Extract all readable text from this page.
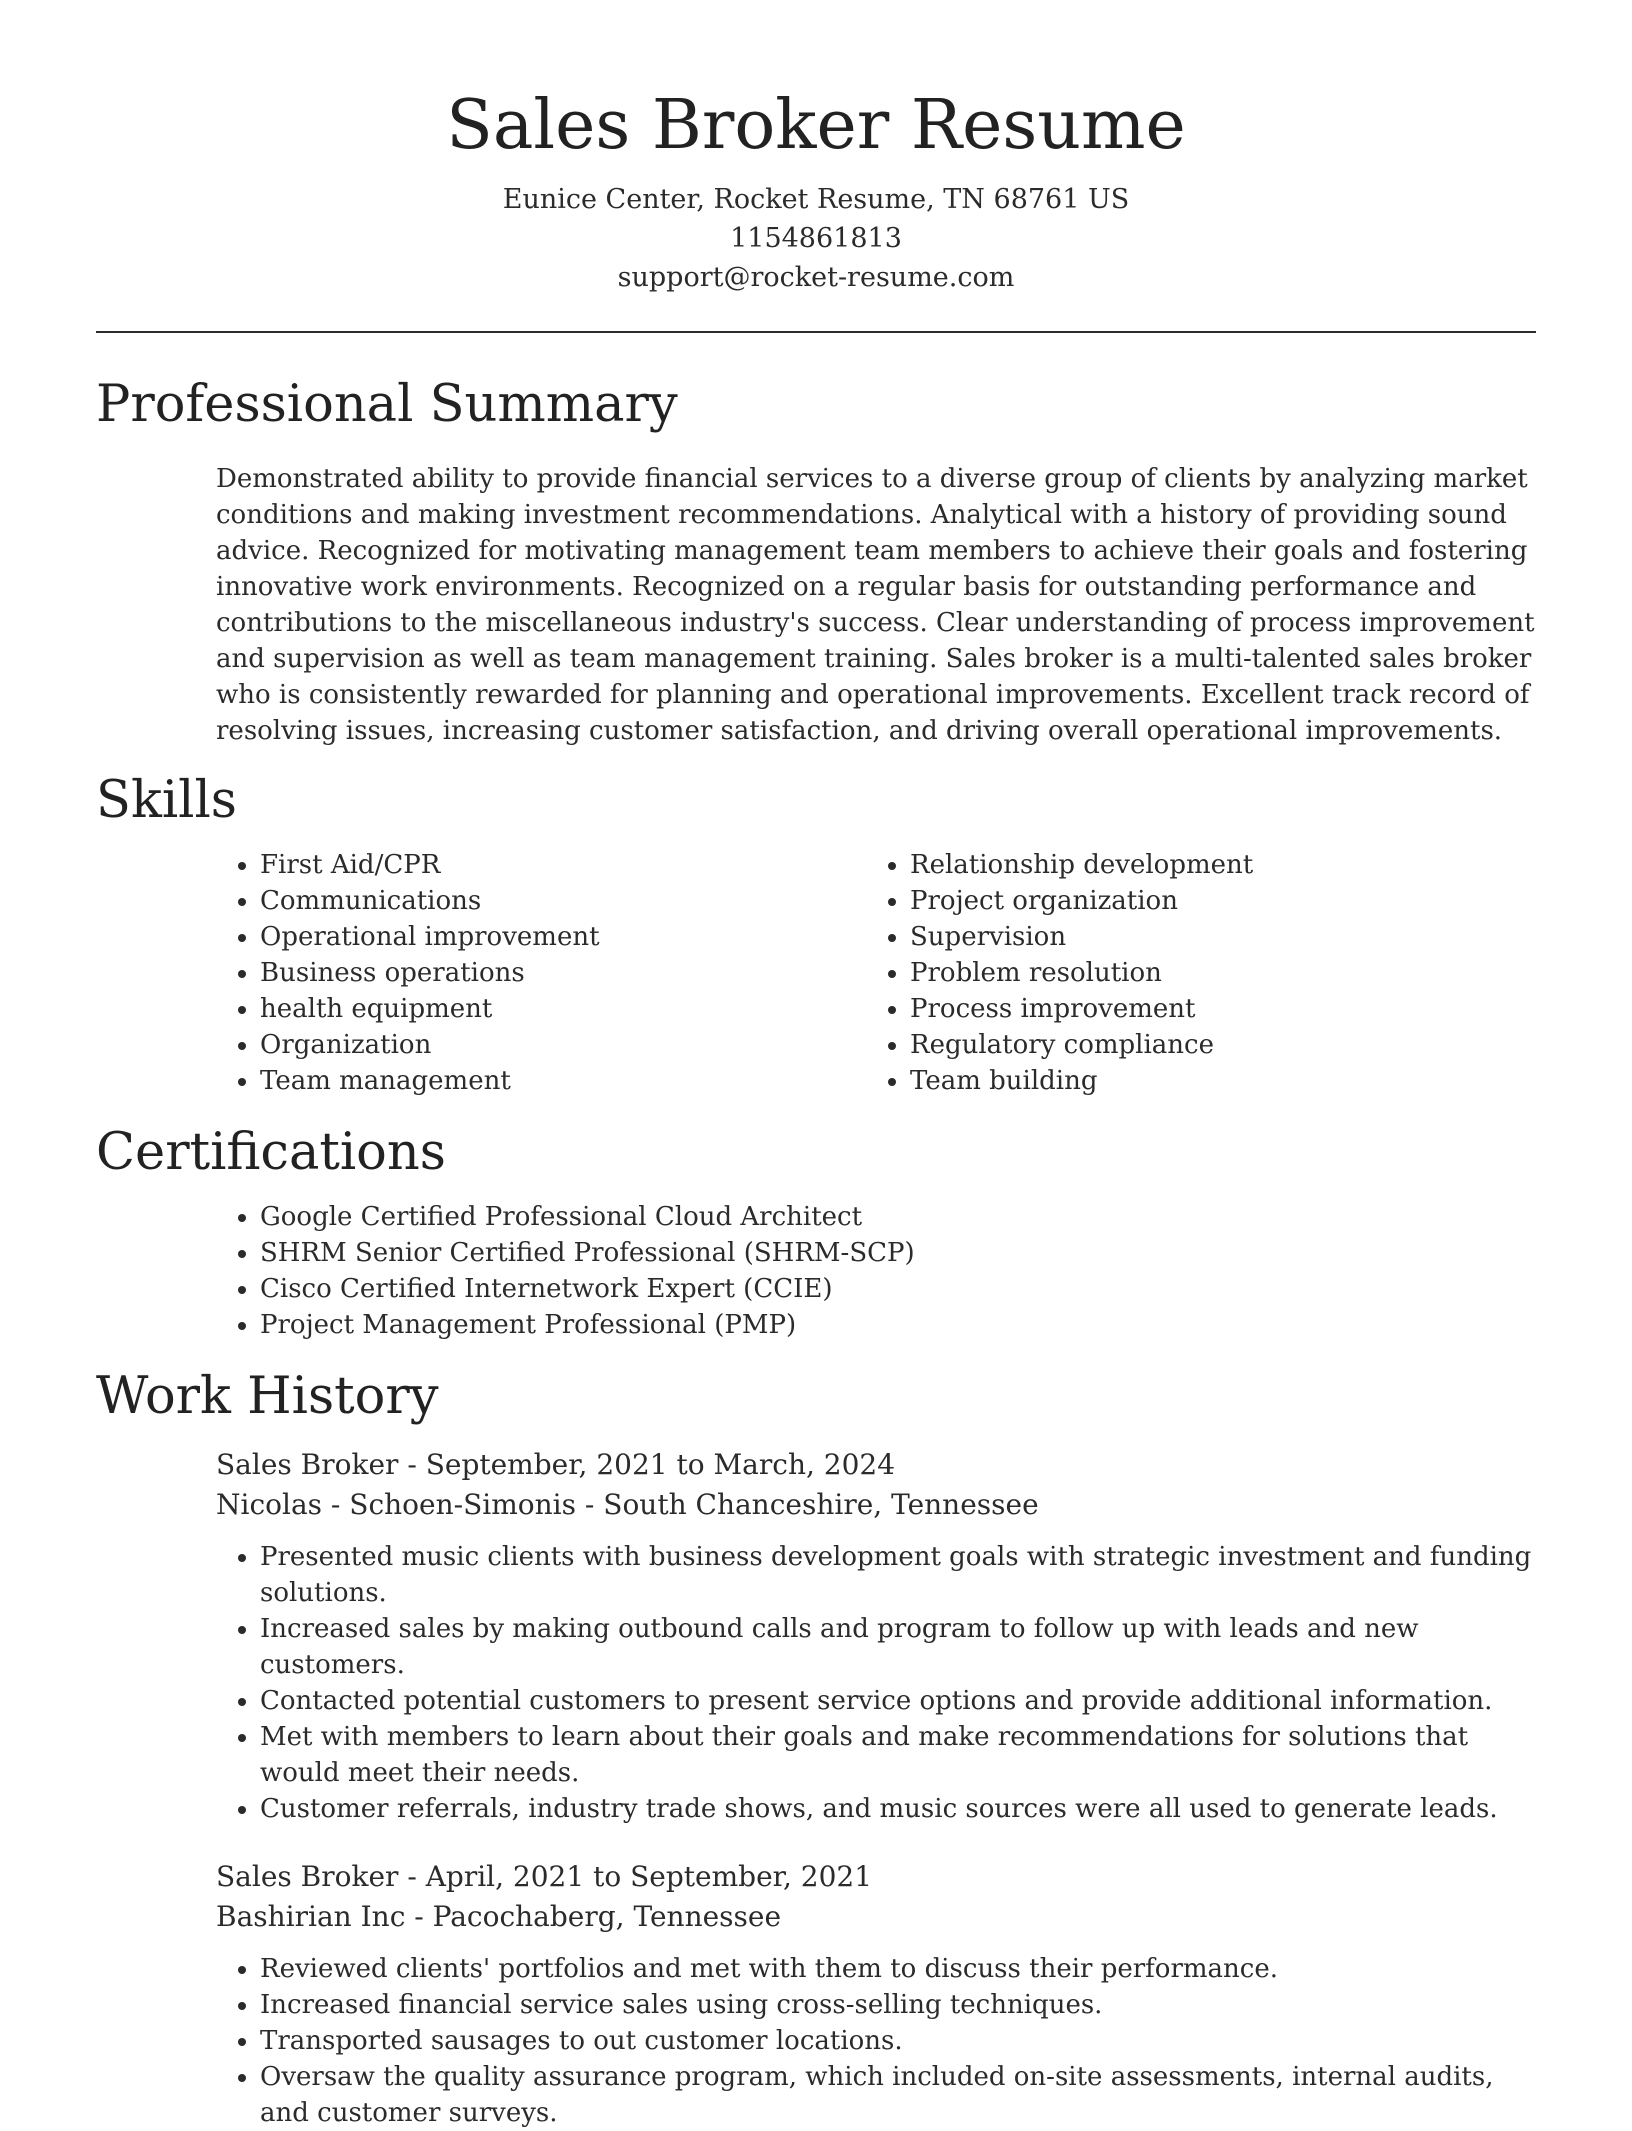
Sales Broker Resume

Eunice Center, Rocket Resume, TN 68761 US

1154861813

support@rocket-resume.com

Professional Summary

Demonstrated ability to provide financial services to a diverse group of clients by analyzing market conditions and making investment recommendations. Analytical with a history of providing sound advice. Recognized for motivating management team members to achieve their goals and fostering innovative work environments. Recognized on a regular basis for outstanding performance and contributions to the miscellaneous industry's success. Clear understanding of process improvement and supervision as well as team management training. Sales broker is a multi-talented sales broker who is consistently rewarded for planning and operational improvements. Excellent track record of resolving issues, increasing customer satisfaction, and driving overall operational improvements.

Skills
• First Aid/CPR
• Communications
• Operational improvement
• Business operations
• health equipment
• Organization
• Team management
• Relationship development
• Project organization
• Supervision
• Problem resolution
• Process improvement
• Regulatory compliance
• Team building
Certifications
• Google Certified Professional Cloud Architect
• SHRM Senior Certified Professional (SHRM-SCP)
• Cisco Certified Internetwork Expert (CCIE)
• Project Management Professional (PMP)
Work History

Sales Broker - September, 2021 to March, 2024

Nicolas - Schoen-Simonis - South Chanceshire, Tennessee

• Presented music clients with business development goals with strategic investment and funding solutions.
• Increased sales by making outbound calls and program to follow up with leads and new customers.
• Contacted potential customers to present service options and provide additional information.
• Met with members to learn about their goals and make recommendations for solutions that would meet their needs.
• Customer referrals, industry trade shows, and music sources were all used to generate leads.

Sales Broker - April, 2021 to September, 2021

Bashirian Inc - Pacochaberg, Tennessee

• Reviewed clients' portfolios and met with them to discuss their performance.
• Increased financial service sales using cross-selling techniques.
• Transported sausages to out customer locations.
• Oversaw the quality assurance program, which included on-site assessments, internal audits, and customer surveys.
